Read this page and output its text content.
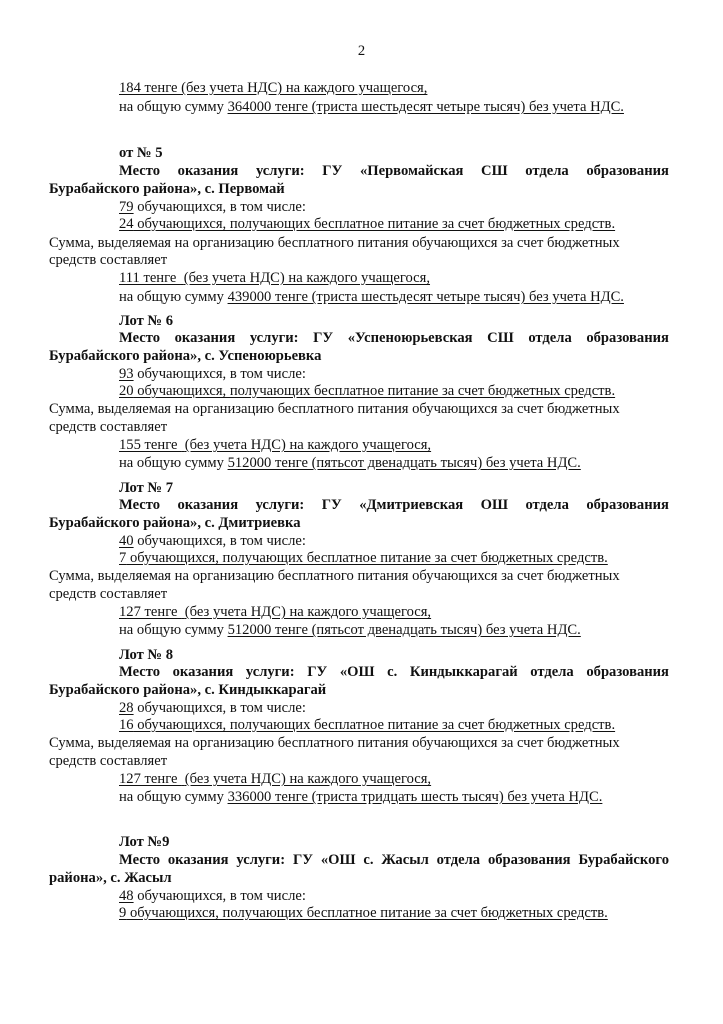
2
184 тенге (без учета НДС) на каждого учащегося,
на общую сумму 364000 тенге (триста шестьдесят четыре тысяч) без учета НДС.
от № 5
Место оказания услуги: ГУ «Первомайская СШ отдела образования
Бурабайского района», с. Первомай
79 обучающихся, в том числе:
24 обучающихся, получающих бесплатное питание за счет бюджетных средств.
Сумма, выделяемая на организацию бесплатного питания обучающихся за счет бюджетных
средств составляет
111 тенге  (без учета НДС) на каждого учащегося,
на общую сумму 439000 тенге (триста шестьдесят четыре тысяч) без учета НДС.
Лот № 6
Место оказания услуги: ГУ «Успеноюрьевская СШ отдела образования
Бурабайского района», с. Успеноюрьевка
93 обучающихся, в том числе:
20 обучающихся, получающих бесплатное питание за счет бюджетных средств.
Сумма, выделяемая на организацию бесплатного питания обучающихся за счет бюджетных
средств составляет
155 тенге  (без учета НДС) на каждого учащегося,
на общую сумму 512000 тенге (пятьсот двенадцать тысяч) без учета НДС.
Лот № 7
Место оказания услуги: ГУ «Дмитриевская ОШ отдела образования
Бурабайского района», с. Дмитриевка
40 обучающихся, в том числе:
7 обучающихся, получающих бесплатное питание за счет бюджетных средств.
Сумма, выделяемая на организацию бесплатного питания обучающихся за счет бюджетных
средств составляет
127 тенге  (без учета НДС) на каждого учащегося,
на общую сумму 512000 тенге (пятьсот двенадцать тысяч) без учета НДС.
Лот № 8
Место оказания услуги: ГУ «ОШ с. Киндыккарагай отдела образования
Бурабайского района», с. Киндыккарагай
28 обучающихся, в том числе:
16 обучающихся, получающих бесплатное питание за счет бюджетных средств.
Сумма, выделяемая на организацию бесплатного питания обучающихся за счет бюджетных
средств составляет
127 тенге  (без учета НДС) на каждого учащегося,
на общую сумму 336000 тенге (триста тридцать шесть тысяч) без учета НДС.
Лот №9
Место оказания услуги: ГУ «ОШ с. Жасыл отдела образования Бурабайского
района», с. Жасыл
48 обучающихся, в том числе:
9 обучающихся, получающих бесплатное питание за счет бюджетных средств.
